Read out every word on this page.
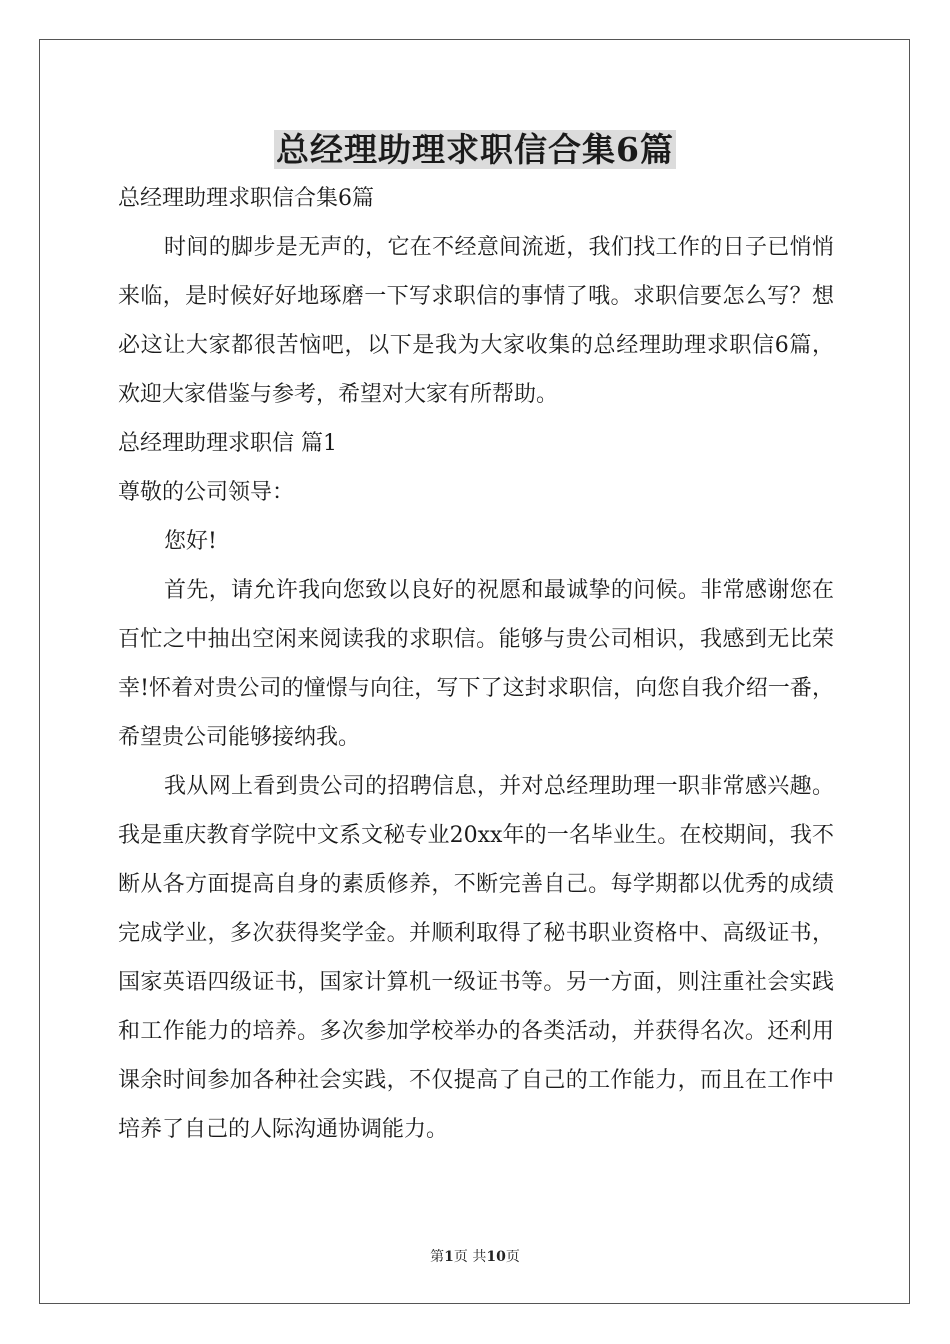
总经理助理求职信合集6篇

总经理助理求职信合集6篇

时间的脚步是无声的，它在不经意间流逝，我们找工作的日子已悄悄来临，是时候好好地琢磨一下写求职信的事情了哦。求职信要怎么写？想必这让大家都很苦恼吧，以下是我为大家收集的总经理助理求职信6篇，欢迎大家借鉴与参考，希望对大家有所帮助。

总经理助理求职信 篇1

尊敬的公司领导：

您好!

首先，请允许我向您致以良好的祝愿和最诚挚的问候。非常感谢您在百忙之中抽出空闲来阅读我的求职信。能够与贵公司相识，我感到无比荣幸!怀着对贵公司的憧憬与向往，写下了这封求职信，向您自我介绍一番，希望贵公司能够接纳我。

我从网上看到贵公司的招聘信息，并对总经理助理一职非常感兴趣。我是重庆教育学院中文系文秘专业20xx年的一名毕业生。在校期间，我不断从各方面提高自身的素质修养，不断完善自己。每学期都以优秀的成绩完成学业，多次获得奖学金。并顺利取得了秘书职业资格中、高级证书，国家英语四级证书，国家计算机一级证书等。另一方面，则注重社会实践和工作能力的培养。多次参加学校举办的各类活动，并获得名次。还利用课余时间参加各种社会实践，不仅提高了自己的工作能力，而且在工作中培养了自己的人际沟通协调能力。

第1页 共10页
